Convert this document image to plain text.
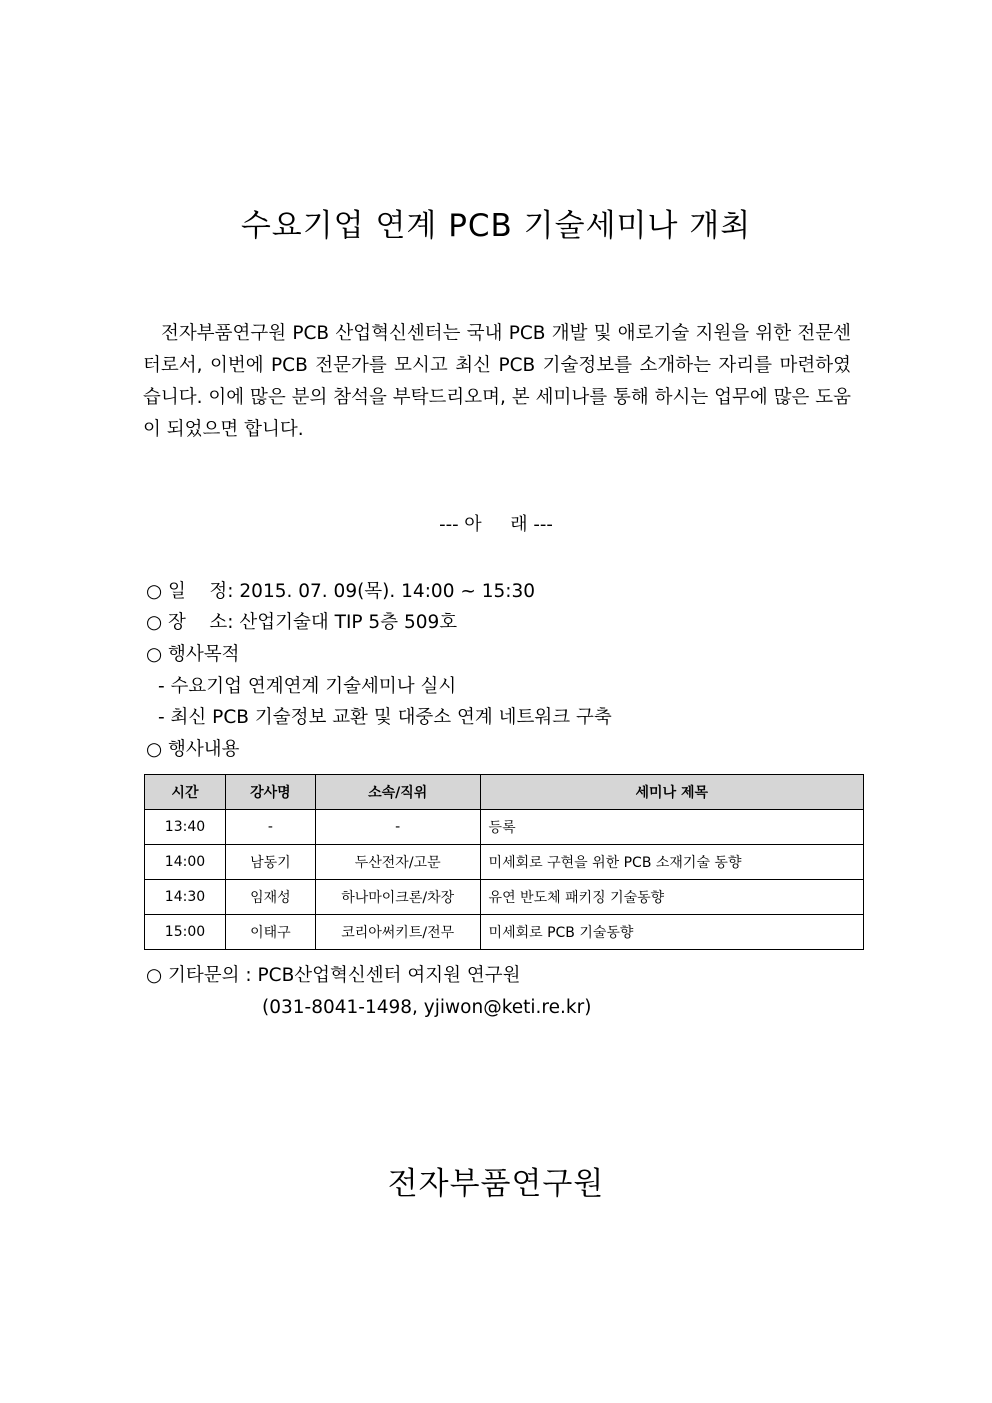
수요기업 연계 PCB 기술세미나 개최
전자부품연구원 PCB 산업혁신센터는 국내 PCB 개발 및 애로기술 지원을 위한 전문센터로서, 이번에 PCB 전문가를 모시고 최신 PCB 기술정보를 소개하는 자리를 마련하였습니다. 이에 많은 분의 참석을 부탁드리오며, 본 세미나를 통해 하시는 업무에 많은 도움이 되었으면 합니다.
--- 아     래 ---
○ 일    정: 2015. 07. 09(목). 14:00 ~ 15:30
○ 장    소: 산업기술대 TIP 5층 509호
○ 행사목적
- 수요기업 연계연계 기술세미나 실시
- 최신 PCB 기술정보 교환 및 대중소 연계 네트워크 구축
○ 행사내용
시간	강사명	소속/직위	세미나 제목
13:40	-	-	등록
14:00	남동기	두산전자/고문	미세회로 구현을 위한 PCB 소재기술 동향
14:30	임재성	하나마이크론/차장	유연 반도체 패키징 기술동향
15:00	이태구	코리아써키트/전무	미세회로 PCB 기술동향
○ 기타문의 : PCB산업혁신센터 여지원 연구원
(031-8041-1498, yjiwon@keti.re.kr)
전자부품연구원
